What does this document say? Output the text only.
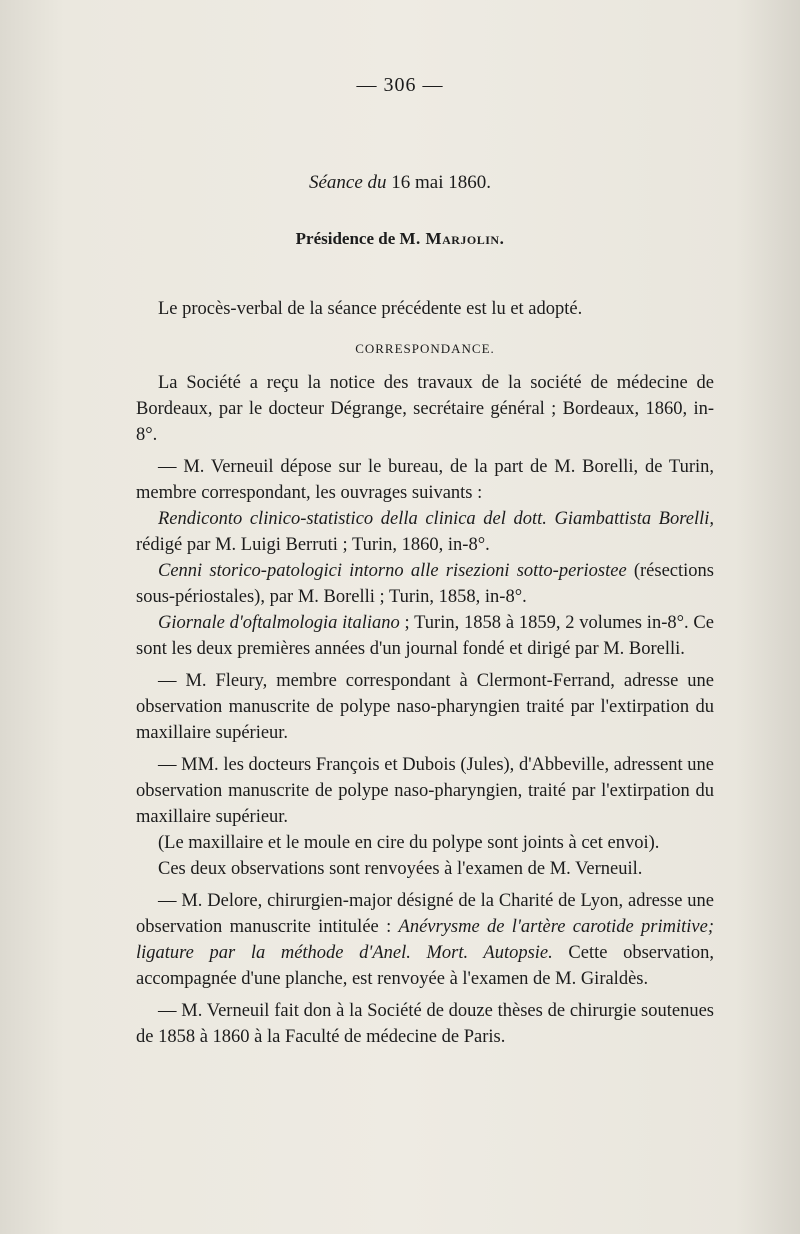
— 306 —
Séance du 16 mai 1860.
Présidence de M. Marjolin.

Le procès-verbal de la séance précédente est lu et adopté.

CORRESPONDANCE.

La Société a reçu la notice des travaux de la société de médecine de Bordeaux, par le docteur Dégrange, secrétaire général ; Bordeaux, 1860, in-8°.

— M. Verneuil dépose sur le bureau, de la part de M. Borelli, de Turin, membre correspondant, les ouvrages suivants :

Rendiconto clinico-statistico della clinica del dott. Giambattista Borelli, rédigé par M. Luigi Berruti ; Turin, 1860, in-8°.

Cenni storico-patologici intorno alle risezioni sotto-periostee (résections sous-périostales), par M. Borelli ; Turin, 1858, in-8°.

Giornale d'oftalmologia italiano ; Turin, 1858 à 1859, 2 volumes in-8°. Ce sont les deux premières années d'un journal fondé et dirigé par M. Borelli.

— M. Fleury, membre correspondant à Clermont-Ferrand, adresse une observation manuscrite de polype naso-pharyngien traité par l'extirpation du maxillaire supérieur.

— MM. les docteurs François et Dubois (Jules), d'Abbeville, adressent une observation manuscrite de polype naso-pharyngien, traité par l'extirpation du maxillaire supérieur.

(Le maxillaire et le moule en cire du polype sont joints à cet envoi).

Ces deux observations sont renvoyées à l'examen de M. Verneuil.

— M. Delore, chirurgien-major désigné de la Charité de Lyon, adresse une observation manuscrite intitulée : Anévrysme de l'artère carotide primitive; ligature par la méthode d'Anel. Mort. Autopsie. Cette observation, accompagnée d'une planche, est renvoyée à l'examen de M. Giraldès.

— M. Verneuil fait don à la Société de douze thèses de chirurgie soutenues de 1858 à 1860 à la Faculté de médecine de Paris.
